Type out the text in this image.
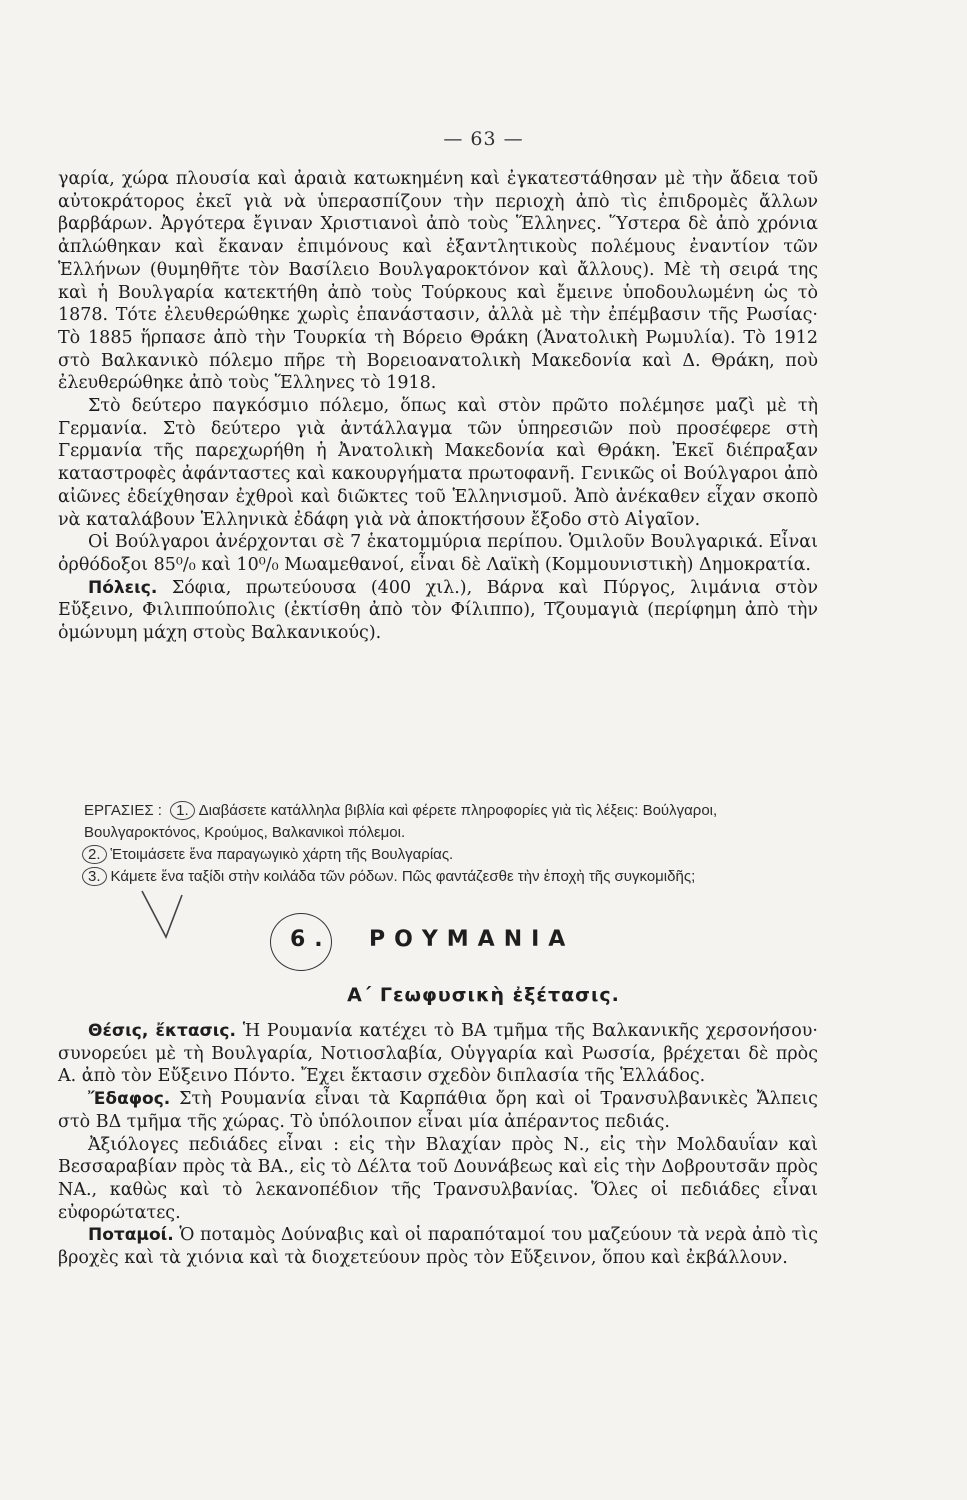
— 63 —

γαρία, χώρα πλουσία καὶ ἀραιὰ κατωκημένη καὶ ἐγκατεστάθησαν μὲ τὴν ἄδεια τοῦ αὐτοκράτορος ἐκεῖ γιὰ νὰ ὑπερασπίζουν τὴν περιοχὴ ἀπὸ τὶς ἐπιδρομὲς ἄλλων βαρβάρων. Ἀργότερα ἔγιναν Χριστιανοὶ ἀπὸ τοὺς Ἕλληνες. Ὕστερα δὲ ἀπὸ χρόνια ἀπλώθηκαν καὶ ἔκαναν ἐπιμόνους καὶ ἐξαντλητικοὺς πολέμους ἐναντίον τῶν Ἑλλήνων (θυμηθῆτε τὸν Βασίλειο Βουλγαροκτόνον καὶ ἄλλους). Μὲ τὴ σειρά της καὶ ἡ Βουλγαρία κατεκτήθη ἀπὸ τοὺς Τούρκους καὶ ἔμεινε ὑποδουλωμένη ὡς τὸ 1878. Τότε ἐλευθερώθηκε χωρὶς ἐπανάστασιν, ἀλλὰ μὲ τὴν ἐπέμβασιν τῆς Ρωσίας· Τὸ 1885 ἥρπασε ἀπὸ τὴν Τουρκία τὴ Βόρειο Θράκη (Ἀνατολικὴ Ρωμυλία). Τὸ 1912 στὸ Βαλκανικὸ πόλεμο πῆρε τὴ Βορειοανατολικὴ Μακεδονία καὶ Δ. Θράκη, ποὺ ἐλευθερώθηκε ἀπὸ τοὺς Ἕλληνες τὸ 1918.

Στὸ δεύτερο παγκόσμιο πόλεμο, ὅπως καὶ στὸν πρῶτο πολέμησε μαζὶ μὲ τὴ Γερμανία. Στὸ δεύτερο γιὰ ἀντάλλαγμα τῶν ὑπηρεσιῶν ποὺ προσέφερε στὴ Γερμανία τῆς παρεχωρήθη ἡ Ἀνατολικὴ Μακεδονία καὶ Θράκη. Ἐκεῖ διέπραξαν καταστροφὲς ἀφάνταστες καὶ κακουργήματα πρωτοφανῆ. Γενικῶς οἱ Βούλγαροι ἀπὸ αἰῶνες ἐδείχθησαν ἐχθροὶ καὶ διῶκτες τοῦ Ἑλληνισμοῦ. Ἀπὸ ἀνέκαθεν εἶχαν σκοπὸ νὰ καταλάβουν Ἑλληνικὰ ἐδάφη γιὰ νὰ ἀποκτήσουν ἔξοδο στὸ Αἰγαῖον.

Οἱ Βούλγαροι ἀνέρχονται σὲ 7 ἑκατομμύρια περίπου. Ὁμιλοῦν Βουλγαρικά. Εἶναι ὀρθόδοξοι 85⁰/₀ καὶ 10⁰/₀ Μωαμεθανοί, εἶναι δὲ Λαϊκὴ (Κομμουνιστικὴ) Δημοκρατία.

Πόλεις. Σόφια, πρωτεύουσα (400 χιλ.), Βάρνα καὶ Πύργος, λιμάνια στὸν Εὔξεινο, Φιλιππούπολις (ἐκτίσθη ἀπὸ τὸν Φίλιππο), Τζουμαγιὰ (περίφημη ἀπὸ τὴν ὁμώνυμη μάχη στοὺς Βαλκανικούς).

ΕΡΓΑΣΙΕΣ : 1. Διαβάσετε κατάλληλα βιβλία καὶ φέρετε πληροφορίες γιὰ τὶς λέξεις: Βούλγαροι, Βουλγαροκτόνος, Κρούμος, Βαλκανικοὶ πόλεμοι.

2. Ἑτοιμάσετε ἕνα παραγωγικὸ χάρτη τῆς Βουλγαρίας.

3. Κάμετε ἕνα ταξίδι στὴν κοιλάδα τῶν ρόδων. Πῶς φαντάζεσθε τὴν ἐποχὴ τῆς συγκομιδῆς;

6. ΡΟΥΜΑΝΙΑ
Α΄ Γεωφυσικὴ ἐξέτασις.

Θέσις, ἔκτασις. Ἡ Ρουμανία κατέχει τὸ ΒΑ τμῆμα τῆς Βαλκανικῆς χερσονήσου· συνορεύει μὲ τὴ Βουλγαρία, Νοτιοσλαβία, Οὑγγαρία καὶ Ρωσσία, βρέχεται δὲ πρὸς Α. ἀπὸ τὸν Εὔξεινο Πόντο. Ἔχει ἔκτασιν σχεδὸν διπλασία τῆς Ἑλλάδος.

Ἔδαφος. Στὴ Ρουμανία εἶναι τὰ Καρπάθια ὄρη καὶ οἱ Τρανσυλβανικὲς Ἄλπεις στὸ ΒΔ τμῆμα τῆς χώρας. Τὸ ὑπόλοιπον εἶναι μία ἀπέραντος πεδιάς.

Ἀξιόλογες πεδιάδες εἶναι : εἰς τὴν Βλαχίαν πρὸς Ν., εἰς τὴν Μολδαυΐαν καὶ Βεσσαραβίαν πρὸς τὰ ΒΑ., εἰς τὸ Δέλτα τοῦ Δουνάβεως καὶ εἰς τὴν Δοβρουτσᾶν πρὸς ΝΑ., καθὼς καὶ τὸ λεκανοπέδιον τῆς Τρανσυλβανίας. Ὅλες οἱ πεδιάδες εἶναι εὐφορώτατες.

Ποταμοί. Ὁ ποταμὸς Δούναβις καὶ οἱ παραπόταμοί του μαζεύουν τὰ νερὰ ἀπὸ τὶς βροχὲς καὶ τὰ χιόνια καὶ τὰ διοχετεύουν πρὸς τὸν Εὔξεινον, ὅπου καὶ ἐκβάλλουν.
